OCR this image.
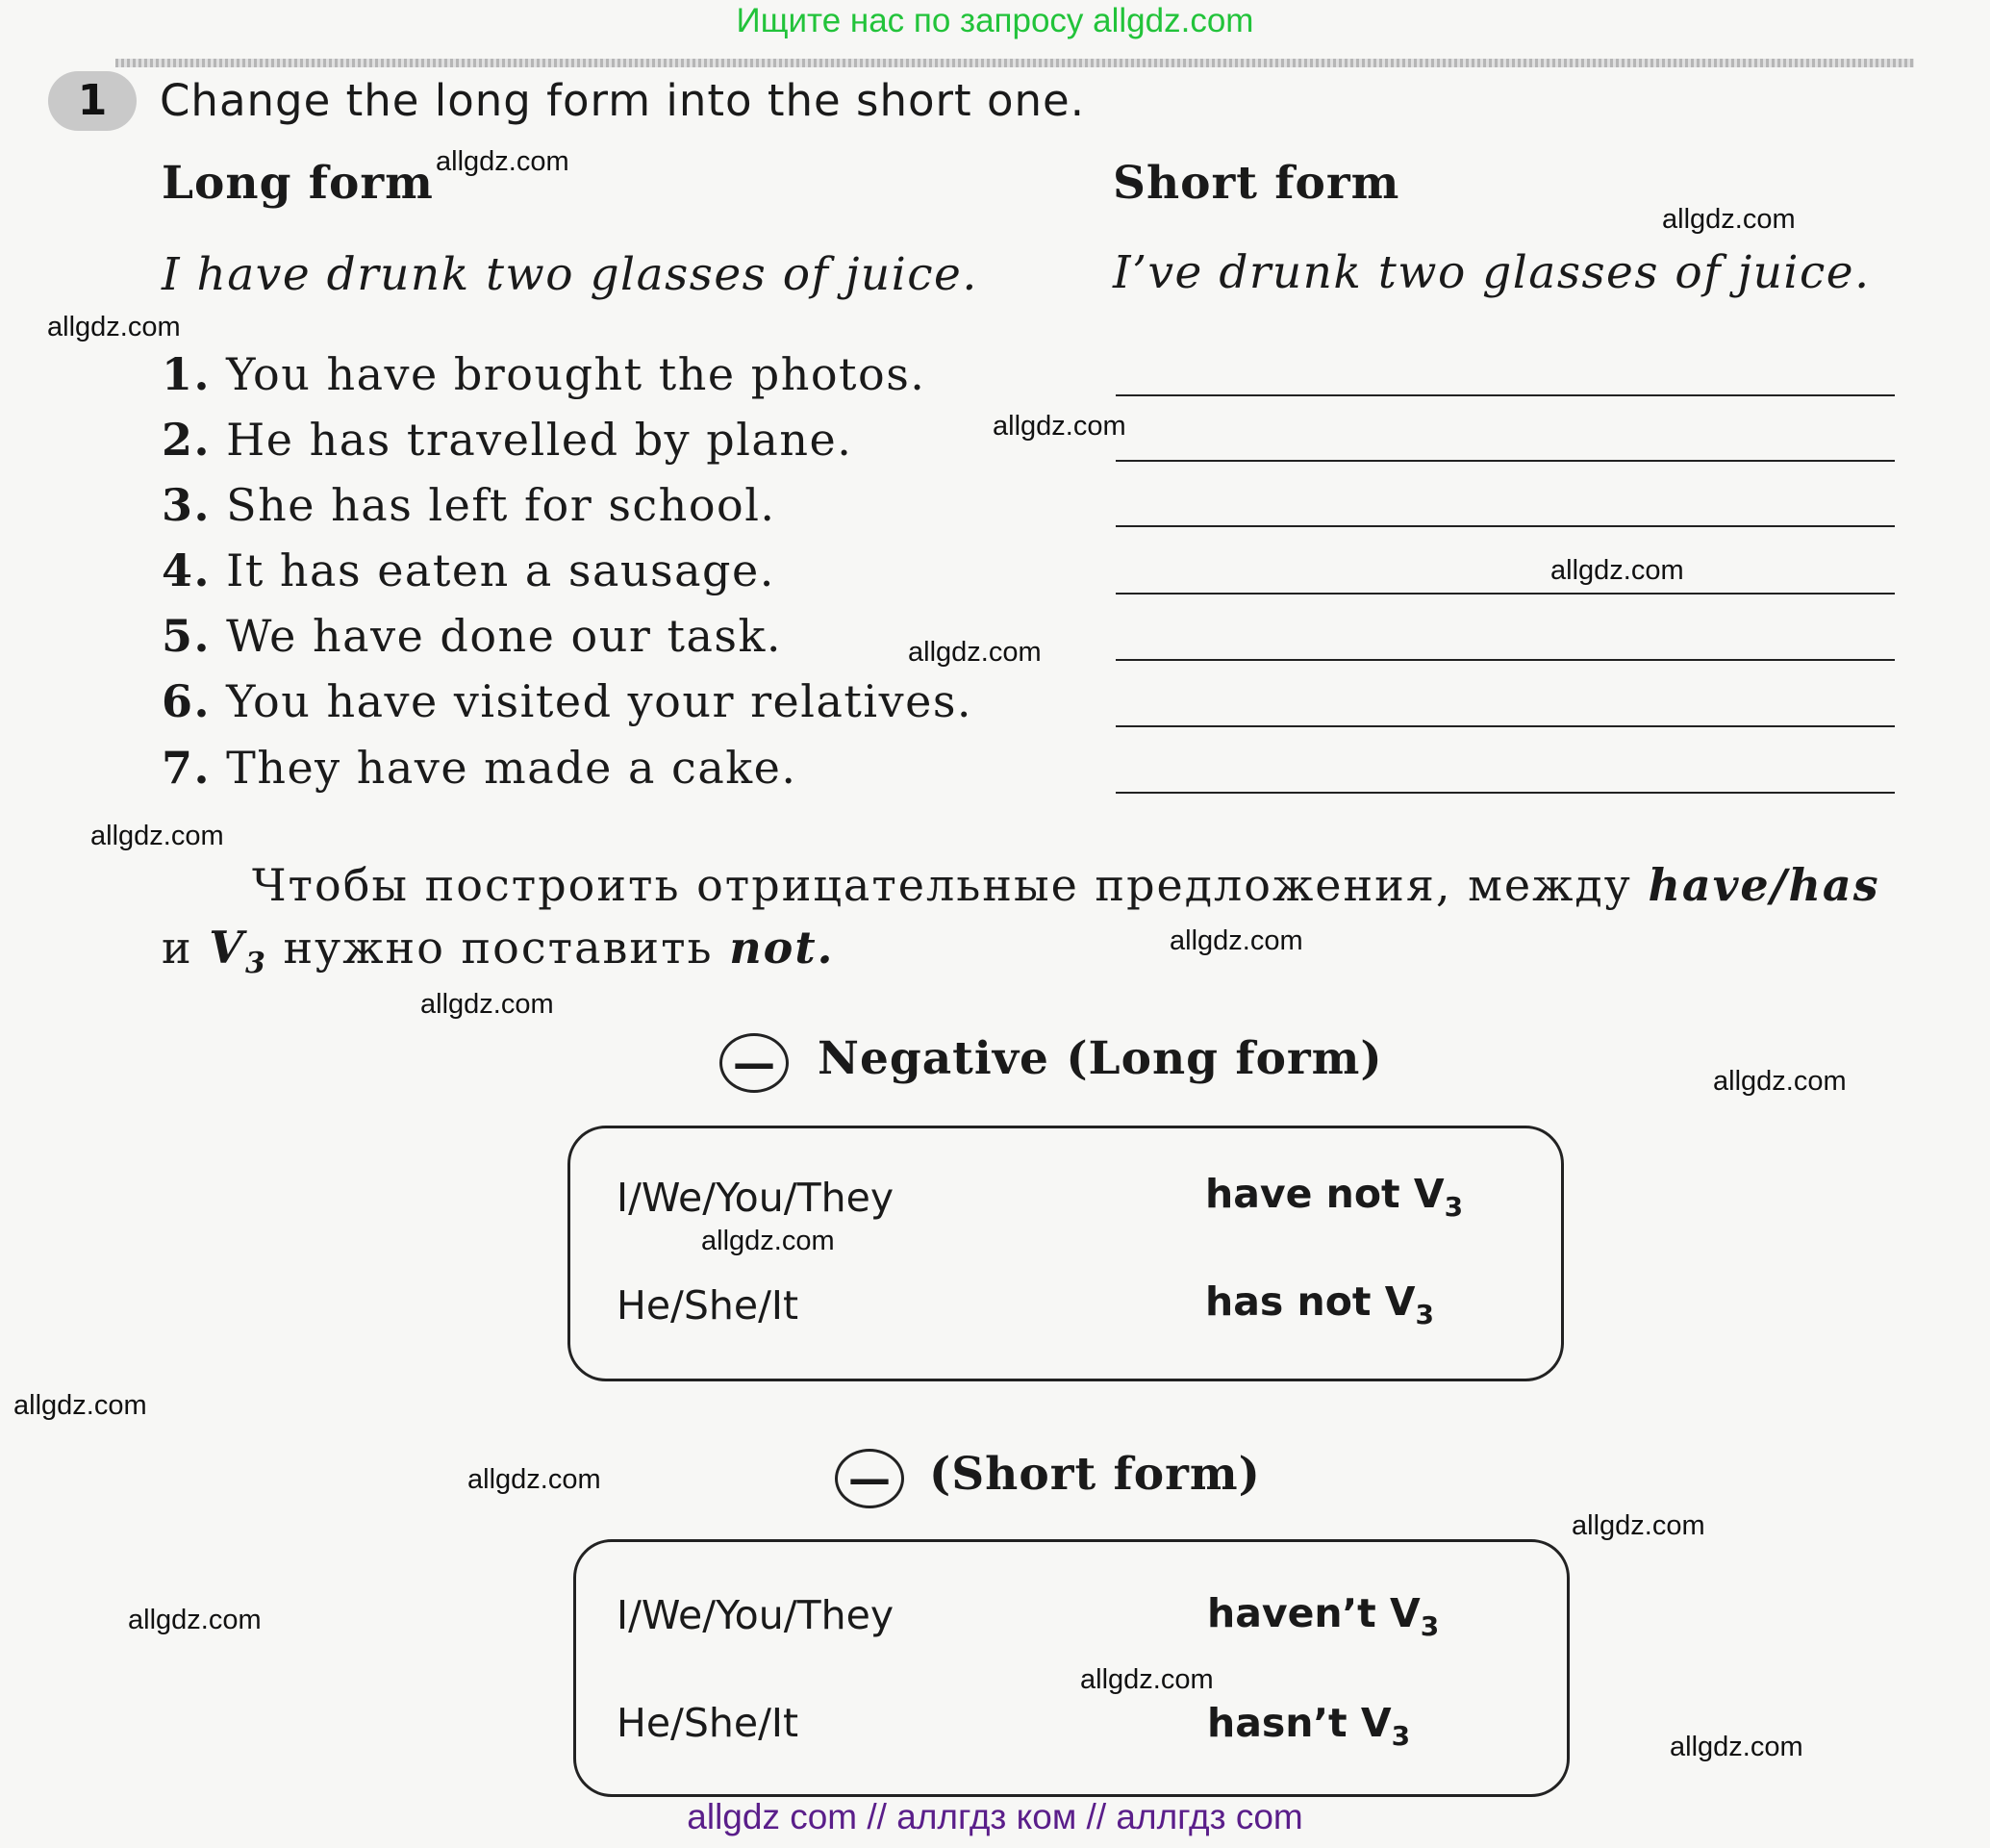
Ищите нас по запросу allgdz.com
1	Change the long form into the short one.
Long form	Short form
I have drunk two glasses of juice.	I’ve drunk two glasses of juice.
1. You have brought the photos.
2. He has travelled by plane.
3. She has left for school.
4. It has eaten a sausage.
5. We have done our task.
6. You have visited your relatives.
7. They have made a cake.
Чтобы построить отрицательные предложения, между have/has
и $V_3$ нужно поставить not.
— Negative (Long form)
I/We/You/They	have not $V_3$
He/She/It	has not $V_3$
— (Short form)
I/We/You/They	haven’t $V_3$
He/She/It	hasn’t $V_3$
allgdz.com
allgdz.com
allgdz.com
allgdz.com
allgdz.com
allgdz.com
allgdz.com
allgdz.com
allgdz.com
allgdz.com
allgdz.com
allgdz.com
allgdz.com
allgdz.com
allgdz.com
allgdz.com
allgdz.com
allgdz com // аллгдз ком // аллгдз com
